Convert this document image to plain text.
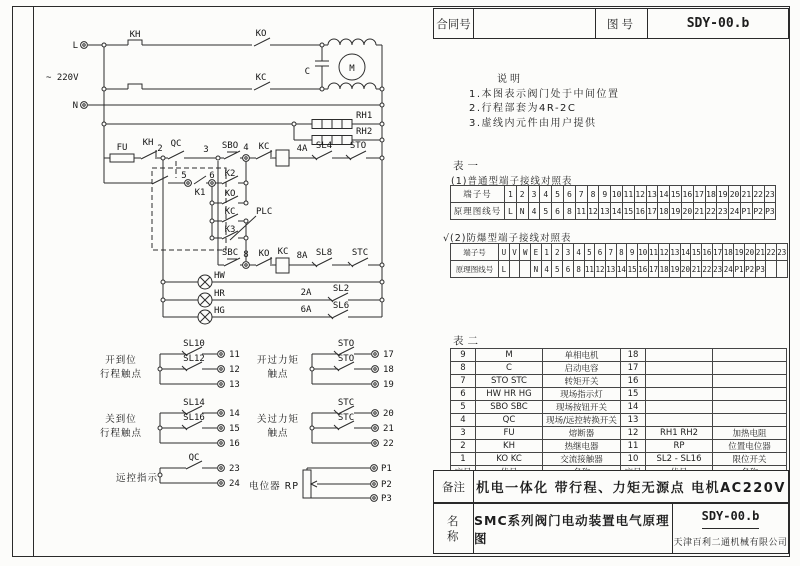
L
N
~ 220V
KH	KO
KC
C	M
RH1
RH2
FU KH
2 QC
3 SBO 4 KC	4A SL4 STO
5	6
K1
K2
KO
KC
K3
PLC
SBC 8 KO KC 8A SL8 STC
HW
HR
HG
2A SL2
6A SL6
SL10
SL12
SL14
SL16
STO
STO
STC
STC
QC
11
12
13
14
15
16
17
18
19
20
21
22
23
24
P1
P2
P3
电位器 RP
开到位
行程触点
开过力矩
触点
关到位
行程触点
关过力矩
触点
远控指示
合同号	图号	SDY-00.b
说明
1.本图表示阀门处于中间位置
2.行程部套为4R-2C
3.虚线内元件由用户提供
表一
(1)普通型端子接线对照表
端子号	1	2	3	4	5	6	7	8	9	10	11	12	13	14	15	16	17	18	19	20	21	22	23
原理图线号	L	N	4	5	6	8	11	12	13	14	15	16	17	18	19	20	21	22	23	24	P1	P2	P3
√(2)防爆型端子接线对照表
端子号	U	V	W	E	1	2	3	4	5	6	7	8	9	10	11	12	13	14	15	16	17	18	19	20	21	22	23
原理图线号	L			N	4	5	6	8	11	12	13	14	15	16	17	18	19	20	21	22	23	24	P1	P2	P3		
表二
9	M	单相电机	18		
8	C	启动电容	17		
7	STO STC	转矩开关	16		
6	HW HR HG	现场指示灯	15		
5	SBO SBC	现场按钮开关	14		
4	QC	现场/远控转换开关	13		
3	FU	熔断器	12	RH1 RH2	加热电阻
2	KH	热继电器	11	RP	位置电位器
1	KO KC	交流接触器	10	SL2 - SL16	限位开关

备注 机电一体化 带行程、力矩无源点 电机AC220V
名称
SMC系列阀门电动装置电气原理图
SDY-00.b
天津百利二通机械有限公司
